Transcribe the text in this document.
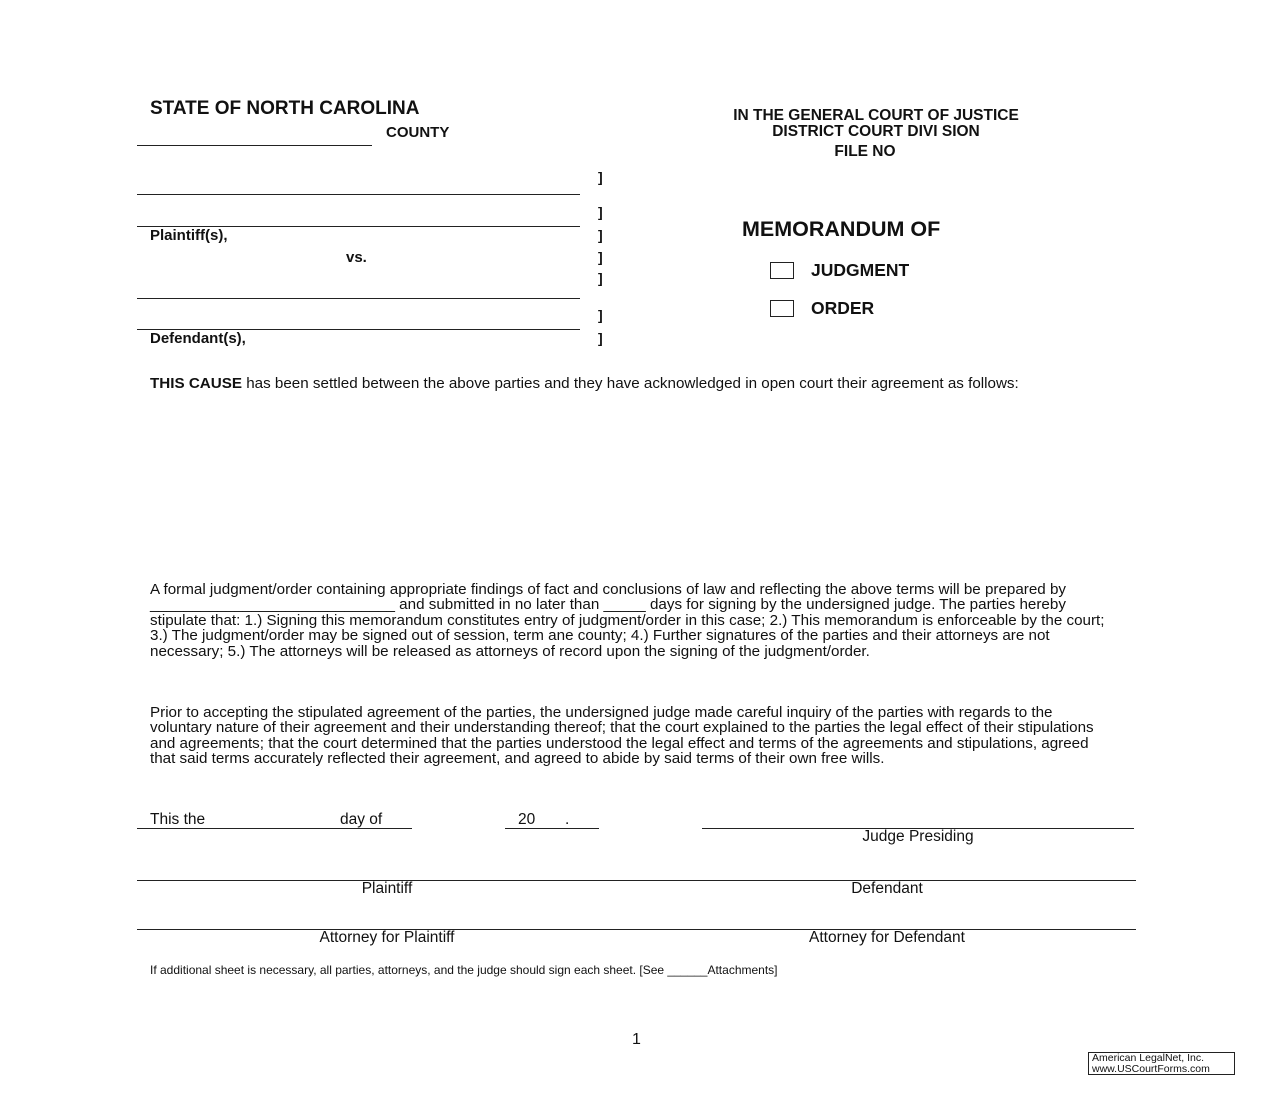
STATE OF NORTH CAROLINA
COUNTY
IN THE GENERAL COURT OF JUSTICE
DISTRICT COURT DIVI SION
FILE NO
Plaintiff(s),
vs.
Defendant(s),
]
]
]
]
]
]
]
MEMORANDUM OF
JUDGMENT
ORDER
THIS CAUSE has been settled between the above parties and they have acknowledged in open court their agreement as follows:
A formal judgment/order containing appropriate findings of fact and conclusions of law and reflecting the above terms will be prepared by _____________________________ and submitted in no later than _____ days for signing by the undersigned judge. The parties hereby stipulate that: 1.) Signing this memorandum constitutes entry of judgment/order in this case; 2.) This memorandum is enforceable by the court; 3.) The judgment/order may be signed out of session, term ane county; 4.) Further signatures of the parties and their attorneys are not necessary; 5.) The attorneys will be released as attorneys of record upon the signing of the judgment/order.
Prior to accepting the stipulated agreement of the parties, the undersigned judge made careful inquiry of the parties with regards to the voluntary nature of their agreement and their understanding thereof; that the court explained to the parties the legal effect of their stipulations and agreements; that the court determined that the parties understood the legal effect and terms of the agreements and stipulations, agreed that said terms accurately reflected their agreement, and agreed to abide by said terms of their own free wills.
This the	day of	20 .
Judge Presiding
Plaintiff	Defendant
Attorney for Plaintiff	Attorney for Defendant
If additional sheet is necessary, all parties, attorneys, and the judge should sign each sheet. [See ______Attachments]
1
American LegalNet, Inc.
www.USCourtForms.com
